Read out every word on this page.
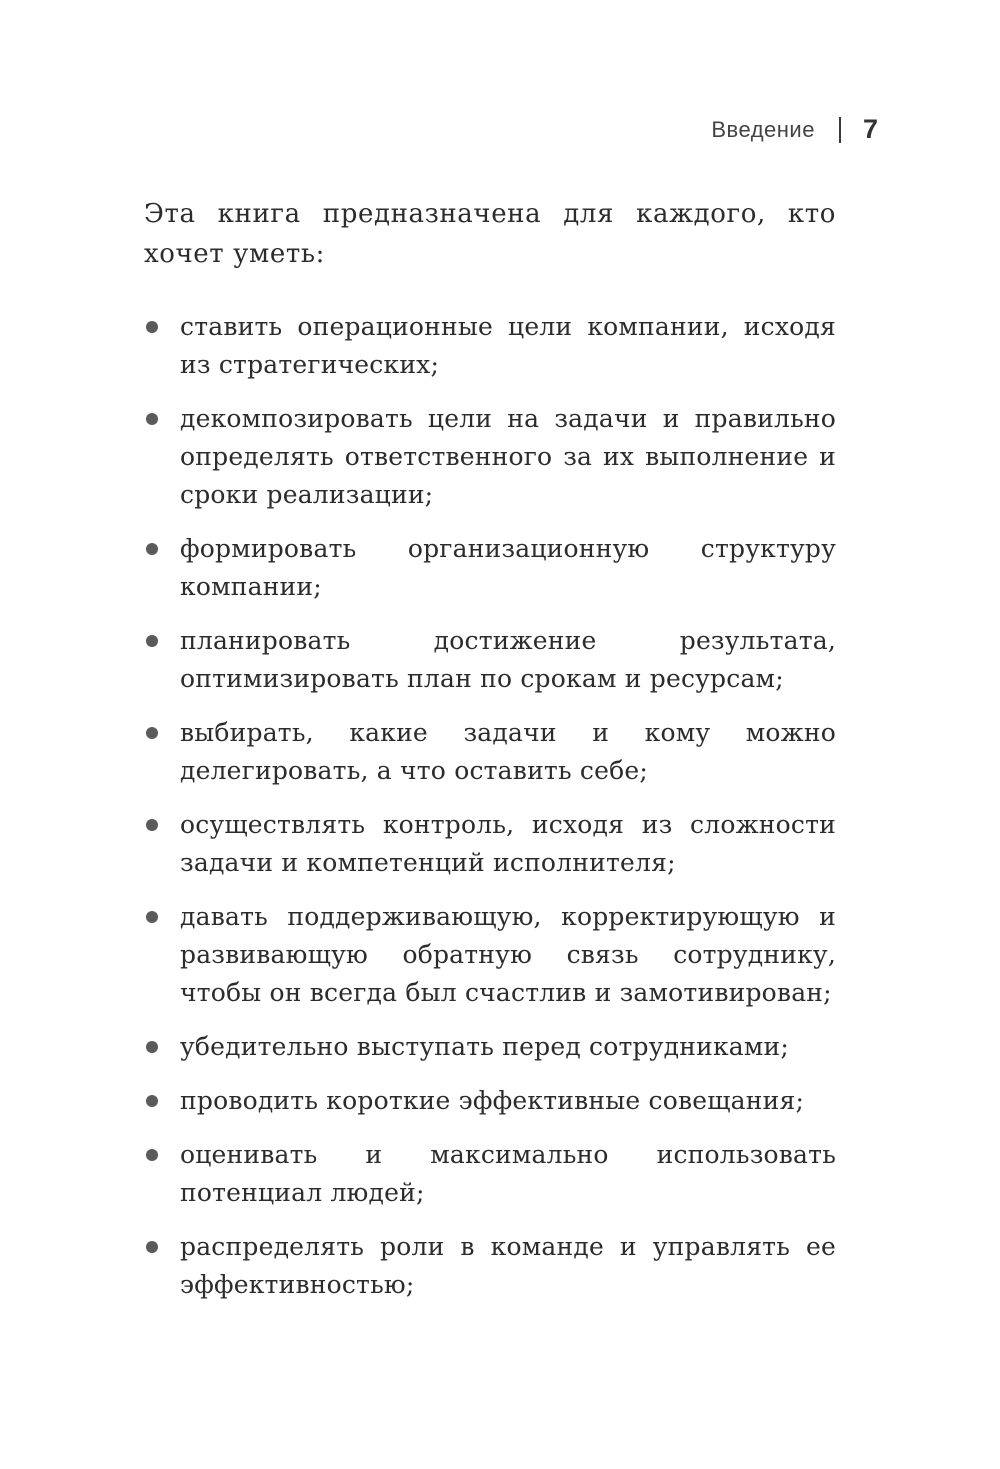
Введение 7

Эта книга предназначена для каждого, кто хочет уметь:

ставить операционные цели компании, исходя из стратегических;
декомпозировать цели на задачи и правильно определять ответственного за их выполнение и сроки реализации;
формировать организационную структуру компании;
планировать достижение результата, оптимизировать план по срокам и ресурсам;
выбирать, какие задачи и кому можно делегировать, а что оставить себе;
осуществлять контроль, исходя из сложности задачи и компетенций исполнителя;
давать поддерживающую, корректирующую и развивающую обратную связь сотруднику, чтобы он всегда был счастлив и замотивирован;
убедительно выступать перед сотрудниками;
проводить короткие эффективные совещания;
оценивать и максимально использовать потенциал людей;
распределять роли в команде и управлять ее эффективностью;
